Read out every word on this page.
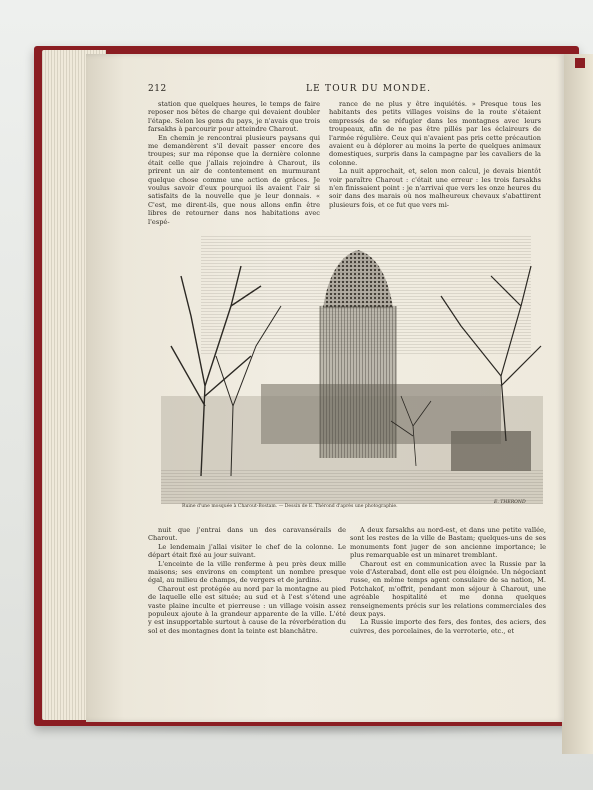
212	LE TOUR DU MONDE.

station que quelques heures, le temps de faire reposer nos bêtes de charge qui devaient doubler l'étape. Selon les gens du pays, je n'avais que trois farsakhs à parcourir pour atteindre Charout.

En chemin je rencontrai plusieurs paysans qui me demandèrent s'il devait passer encore des troupes; sur ma réponse que la dernière colonne était celle que j'allais rejoindre à Charout, ils prirent un air de contentement en murmurant quelque chose comme une action de grâces. Je voulus savoir d'eux pourquoi ils avaient l'air si satisfaits de la nouvelle que je leur donnais. « C'est, me dirent-ils, que nous allons enfin être libres de retourner dans nos habitations avec l'espé-

rance de ne plus y être inquiétés. » Presque tous les habitants des petits villages voisins de la route s'étaient empressés de se réfugier dans les montagnes avec leurs troupeaux, afin de ne pas être pillés par les éclaireurs de l'armée régulière. Ceux qui n'avaient pas pris cette précaution avaient eu à déplorer au moins la perte de quelques animaux domestiques, surpris dans la campagne par les cavaliers de la colonne.

La nuit approchait, et, selon mon calcul, je devais bientôt voir paraître Charout : c'était une erreur : les trois farsakhs n'en finissaient point : je n'arrivai que vers les onze heures du soir dans des marais où nos malheureux chevaux s'abattirent plusieurs fois, et ce fut que vers mi-

Ruine d'une mosquée à Charout-Bostam. — Dessin de E. Thérond d'après une photographie.
E. THEROND

nuit que j'entrai dans un des caravansérails de Charout.

Le lendemain j'allai visiter le chef de la colonne. Le départ était fixé au jour suivant.

L'enceinte de la ville renferme à peu près deux mille maisons; ses environs en comptent un nombre presque égal, au milieu de champs, de vergers et de jardins.

Charout est protégée au nord par la montagne au pied de laquelle elle est située; au sud et à l'est s'étend une vaste plaine inculte et pierreuse : un village voisin assez populeux ajoute à la grandeur apparente de la ville. L'été y est insupportable surtout à cause de la réverbération du sol et des montagnes dont la teinte est blanchâtre.

A deux farsakhs au nord-est, et dans une petite vallée, sont les restes de la ville de Bastam; quelques-uns de ses monuments font juger de son ancienne importance; le plus remarquable est un minaret tremblant.

Charout est en communication avec la Russie par la voie d'Asterabad, dont elle est peu éloignée. Un négociant russe, en même temps agent consulaire de sa nation, M. Potchakof, m'offrit, pendant mon séjour à Charout, une agréable hospitalité et me donna quelques renseignements précis sur les relations commerciales des deux pays.

La Russie importe des fers, des fontes, des aciers, des cuivres, des porcelaines, de la verroterie, etc., et
